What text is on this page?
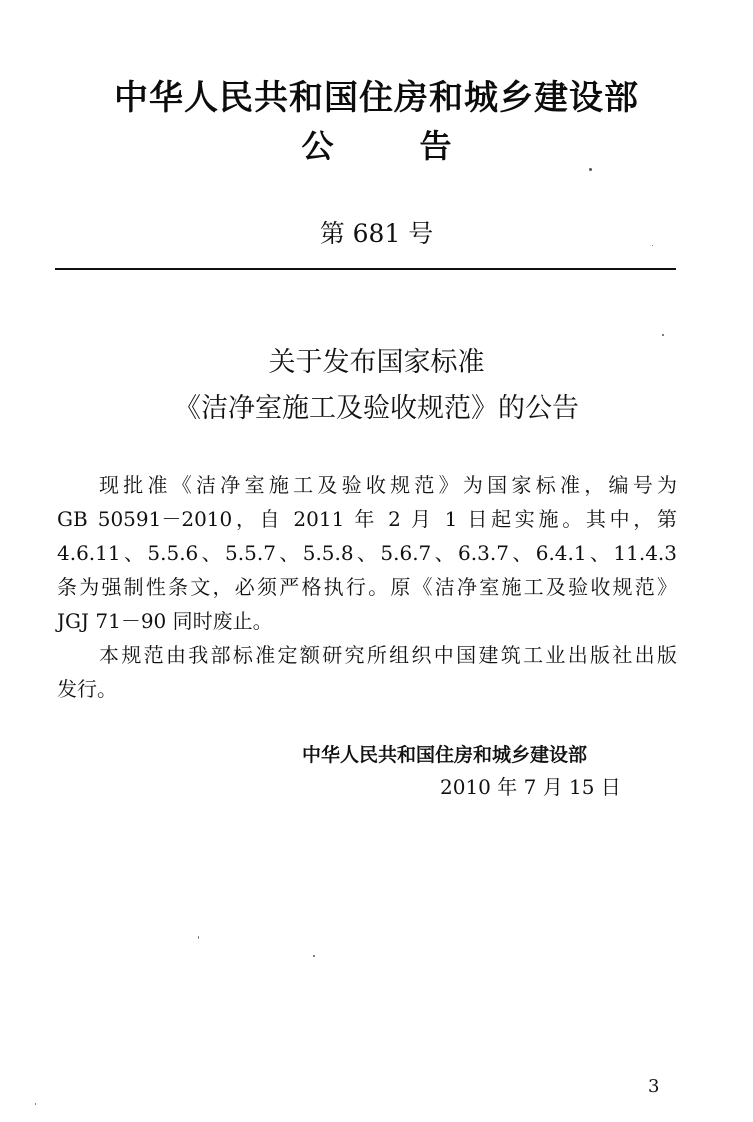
中华人民共和国住房和城乡建设部
公	告
第 681 号
关于发布国家标准
《洁净室施工及验收规范》的公告
现批准《洁净室施工及验收规范》为国家标准，编号为
GB 50591－2010，自 2011 年 2 月 1 日起实施。其中，第
4.6.11、5.5.6、5.5.7、5.5.8、5.6.7、6.3.7、6.4.1、11.4.3
条为强制性条文，必须严格执行。原《洁净室施工及验收规范》
JGJ 71－90 同时废止。
本规范由我部标准定额研究所组织中国建筑工业出版社出版
发行。
中华人民共和国住房和城乡建设部
2010 年 7 月 15 日
3
